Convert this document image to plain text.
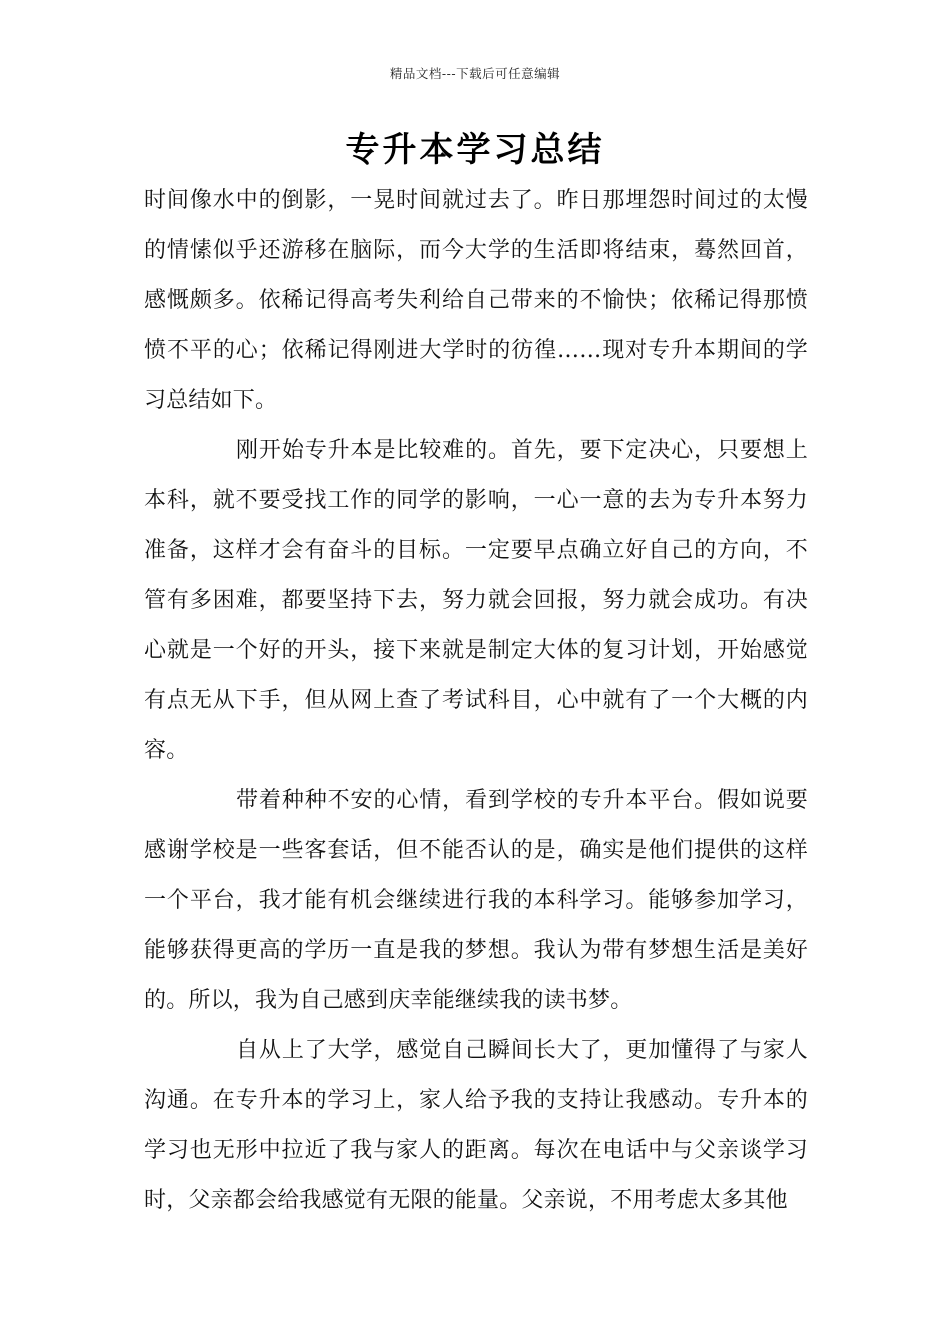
精品文档---下载后可任意编辑
专升本学习总结

时间像水中的倒影，一晃时间就过去了。昨日那埋怨时间过的太慢的情愫似乎还游移在脑际，而今大学的生活即将结束，蓦然回首，感慨颇多。依稀记得高考失利给自己带来的不愉快；依稀记得那愤愤不平的心；依稀记得刚进大学时的彷徨……现对专升本期间的学习总结如下。

刚开始专升本是比较难的。首先，要下定决心，只要想上本科，就不要受找工作的同学的影响，一心一意的去为专升本努力准备，这样才会有奋斗的目标。一定要早点确立好自己的方向，不管有多困难，都要坚持下去，努力就会回报，努力就会成功。有决心就是一个好的开头，接下来就是制定大体的复习计划，开始感觉有点无从下手，但从网上查了考试科目，心中就有了一个大概的内容。

带着种种不安的心情，看到学校的专升本平台。假如说要感谢学校是一些客套话，但不能否认的是，确实是他们提供的这样一个平台，我才能有机会继续进行我的本科学习。能够参加学习，能够获得更高的学历一直是我的梦想。我认为带有梦想生活是美好的。所以，我为自己感到庆幸能继续我的读书梦。

自从上了大学，感觉自己瞬间长大了，更加懂得了与家人沟通。在专升本的学习上，家人给予我的支持让我感动。专升本的学习也无形中拉近了我与家人的距离。每次在电话中与父亲谈学习时，父亲都会给我感觉有无限的能量。父亲说，不用考虑太多其他
